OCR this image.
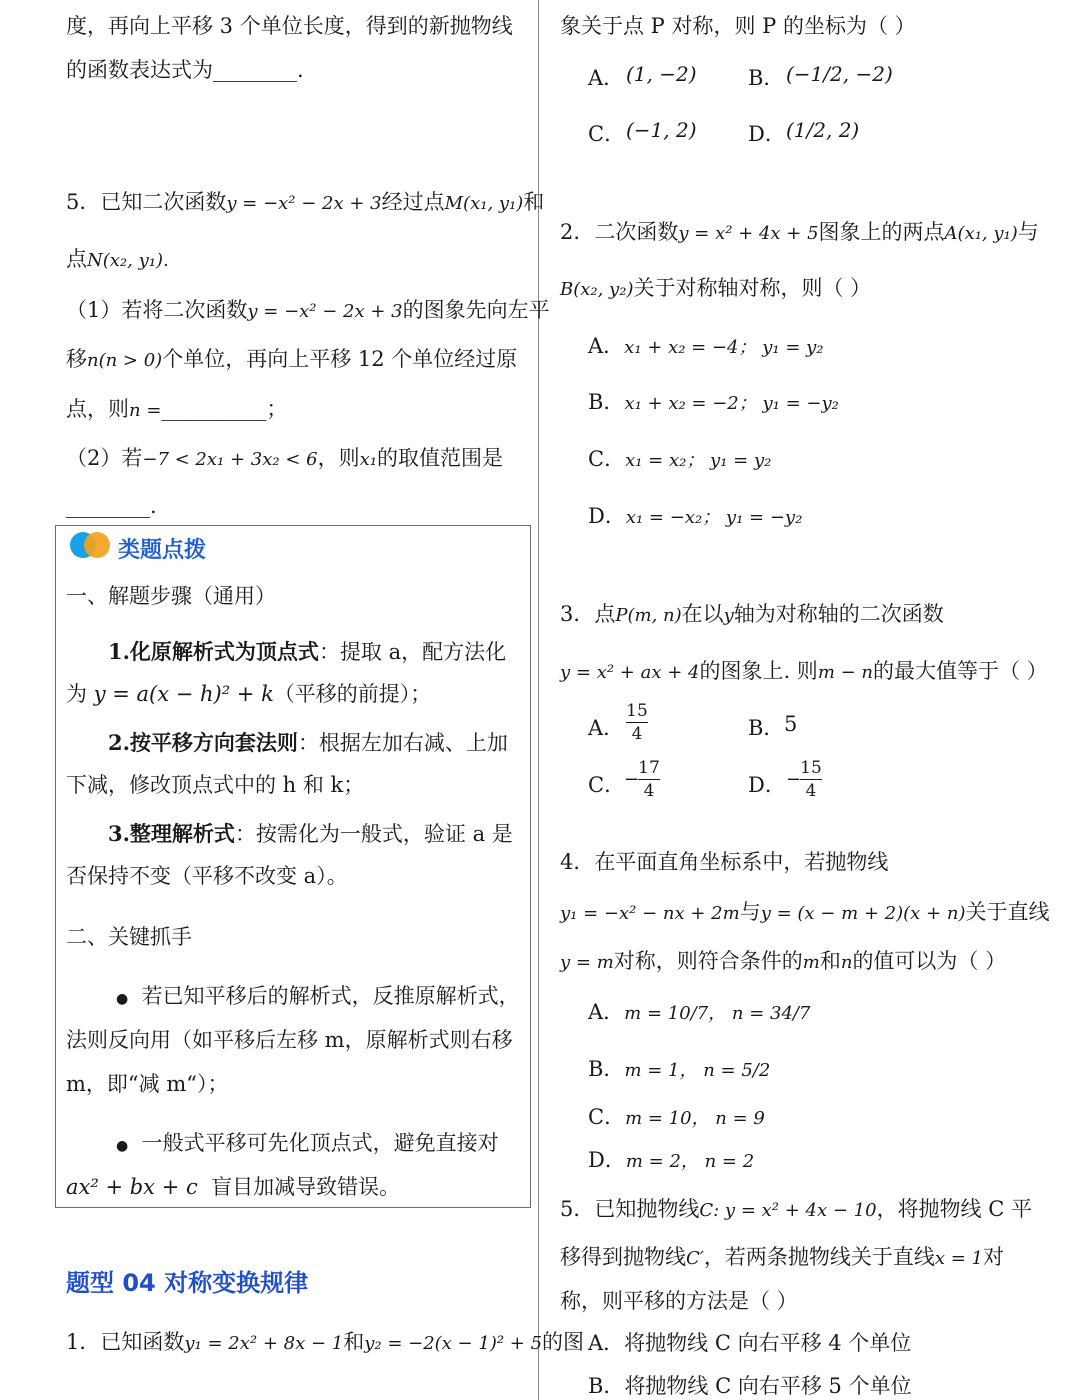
度，再向上平移 3 个单位长度，得到的新抛物线
的函数表达式为________.
5．已知二次函数y = −x² − 2x + 3经过点M(x₁, y₁)和
点N(x₂, y₁).
（1）若将二次函数y = −x² − 2x + 3的图象先向左平
移n(n > 0)个单位，再向上平移 12 个单位经过原
点，则n =__________；
（2）若−7 < 2x₁ + 3x₂ < 6，则x₁的取值范围是
________.
类题点拨
一、解题步骤（通用）
1.化原解析式为顶点式：提取 a，配方法化
为 y = a(x − h)² + k（平移的前提）；
2.按平移方向套法则：根据左加右减、上加
下减，修改顶点式中的 h 和 k；
3.整理解析式：按需化为一般式，验证 a 是
否保持不变（平移不改变 a）。
二、关键抓手
● 若已知平移后的解析式，反推原解析式，
法则反向用（如平移后左移 m，原解析式则右移
m，即“减 m“）；
● 一般式平移可先化顶点式，避免直接对
ax² + bx + c 盲目加减导致错误。
题型 04 对称变换规律
1．已知函数y₁ = 2x² + 8x − 1和y₂ = −2(x − 1)² + 5的图
象关于点 P 对称，则 P 的坐标为（ ）
A． (1, −2) B． (−1/2, −2)
C． (−1, 2) D． (1/2, 2)
2．二次函数y = x² + 4x + 5图象上的两点A(x₁, y₁)与
B(x₂, y₂)关于对称轴对称，则（ ）
A．x₁ + x₂ = −4； y₁ = y₂
B．x₁ + x₂ = −2； y₁ = −y₂
C．x₁ = x₂； y₁ = y₂
D．x₁ = −x₂； y₁ = −y₂
3．点P(m, n)在以y轴为对称轴的二次函数
y = x² + ax + 4的图象上. 则m − n的最大值等于（ ）
A． $\frac{15}{4}$	B． 5
C．
−
$\frac{17}{4}$	D． −
$\frac{15}{4}$
4．在平面直角坐标系中，若抛物线
y₁ = −x² − nx + 2m与y = (x − m + 2)(x + n)关于直线
y = m对称，则符合条件的m和n的值可以为（ ）
A．m = 10/7， n = 34/7
B．m = 1， n = 5/2
C．m = 10， n = 9
D．m = 2， n = 2
5．已知抛物线C: y = x² + 4x − 10，将抛物线 C 平
移得到抛物线C′，若两条抛物线关于直线x = 1对
称，则平移的方法是（ ）
A．将抛物线 C 向右平移 4 个单位
B．将抛物线 C 向右平移 5 个单位
